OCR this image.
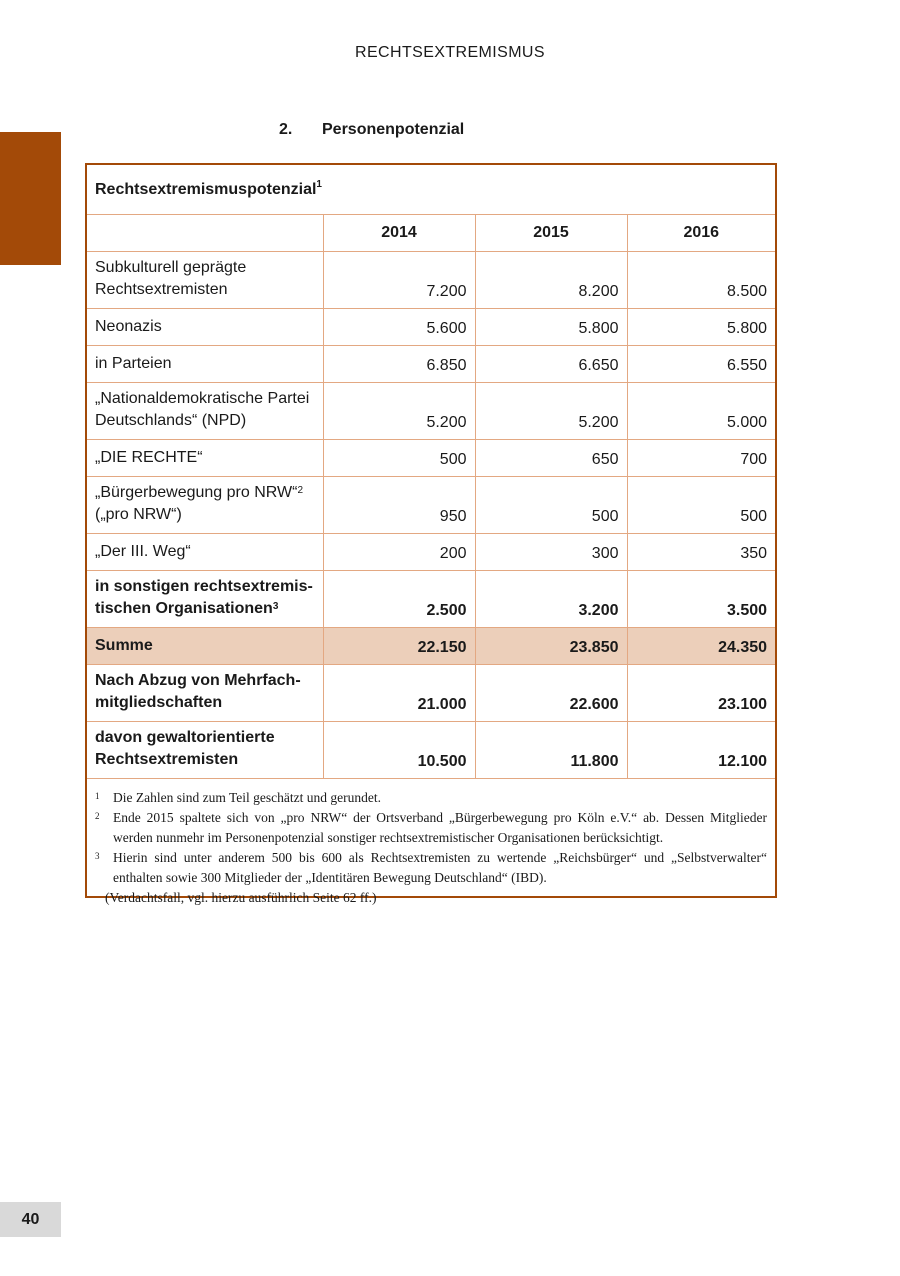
RECHTSEXTREMISMUS
2. Personenpotenzial
Rechtsextremismuspotenzial$^1$
	2014	2015	2016
Subkulturell geprägte Rechtsextremisten	7.200	8.200	8.500
Neonazis	5.600	5.800	5.800
in Parteien	6.850	6.650	6.550
„Nationaldemokratische Partei Deutschlands“ (NPD)	5.200	5.200	5.000
„DIE RECHTE“	500	650	700
„Bürgerbewegung pro NRW“$^2$
(„pro NRW“)	950	500	500
„Der III. Weg“	200	300	350
in sonstigen rechtsextremis-
tischen Organisationen$^3$	2.500	3.200	3.500
Summe	22.150	23.850	24.350
Nach Abzug von Mehrfach-
mitgliedschaften	21.000	22.600	23.100
davon gewaltorientierte
Rechtsextremisten	10.500	11.800	12.100
1	Die Zahlen sind zum Teil geschätzt und gerundet.
2	Ende 2015 spaltete sich von „pro NRW“ der Ortsverband „Bürgerbewegung pro Köln e.V.“ ab. Dessen Mitglieder werden nunmehr im Personenpotenzial sonstiger rechtsextremistischer Organisationen berücksichtigt.
3	Hierin sind unter anderem 500 bis 600 als Rechtsextremisten zu wertende „Reichsbürger“ und „Selbstverwalter“ enthalten sowie 300 Mitglieder der „Identitären Bewegung Deutschland“ (IBD).
(Verdachtsfall, vgl. hierzu ausführlich Seite 62 ff.)
40
